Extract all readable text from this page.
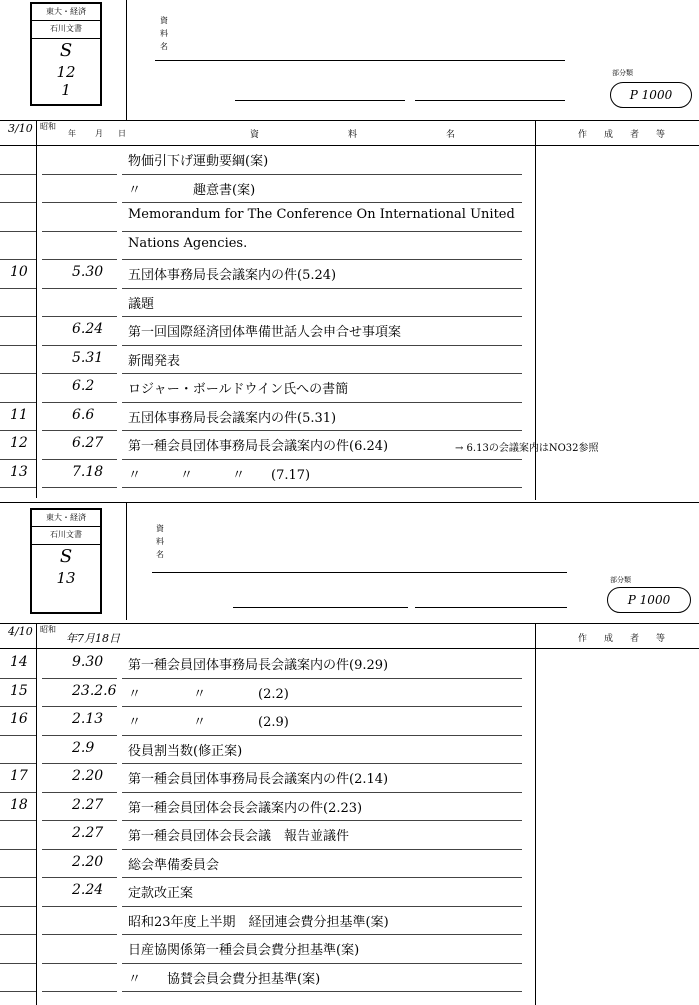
東大・経済
石川文書
S
12
1
資
料
名
部分類
P 1000
3/10 昭和
年 月 日	資　料　名	作　成　者　等
物価引下げ運動要綱(案)
〃　　　　趣意書(案)
Memorandum for The Conference On International United
Nations Agencies.
10	5.30 五団体事務局長会議案内の件(5.24)
議題
6.24 第一回国際経済団体準備世話人会申合せ事項案
5.31 新聞発表
6.2	ロジャー・ボールドウイン氏への書簡
11	6.6	五団体事務局長会議案内の件(5.31)
12	6.27 第一種会員団体事務局長会議案内の件(6.24)	→ 6.13の会議案内はNO32参照
13	7.18 〃　　　〃　　　〃　　(7.17)
東大・経済
石川文書
S
13
資
料
名
部分類
P 1000
4/10 昭和
年7月18日	作　成　者　等
14	9.30 第一種会員団体事務局長会議案内の件(9.29)
15	23.2.6 〃　　　　〃　　　　(2.2)
16	2.13 〃　　　　〃　　　　(2.9)
2.9	役員割当数(修正案)
17	2.20 第一種会員団体事務局長会議案内の件(2.14)
18	2.27 第一種会員団体会長会議案内の件(2.23)
2.27 第一種会員団体会長会議　報告並議件
2.20 総会準備委員会
2.24 定款改正案
昭和23年度上半期　経団連会費分担基準(案)
日産協関係第一種会員会費分担基準(案)
〃　　協賛会員会費分担基準(案)
